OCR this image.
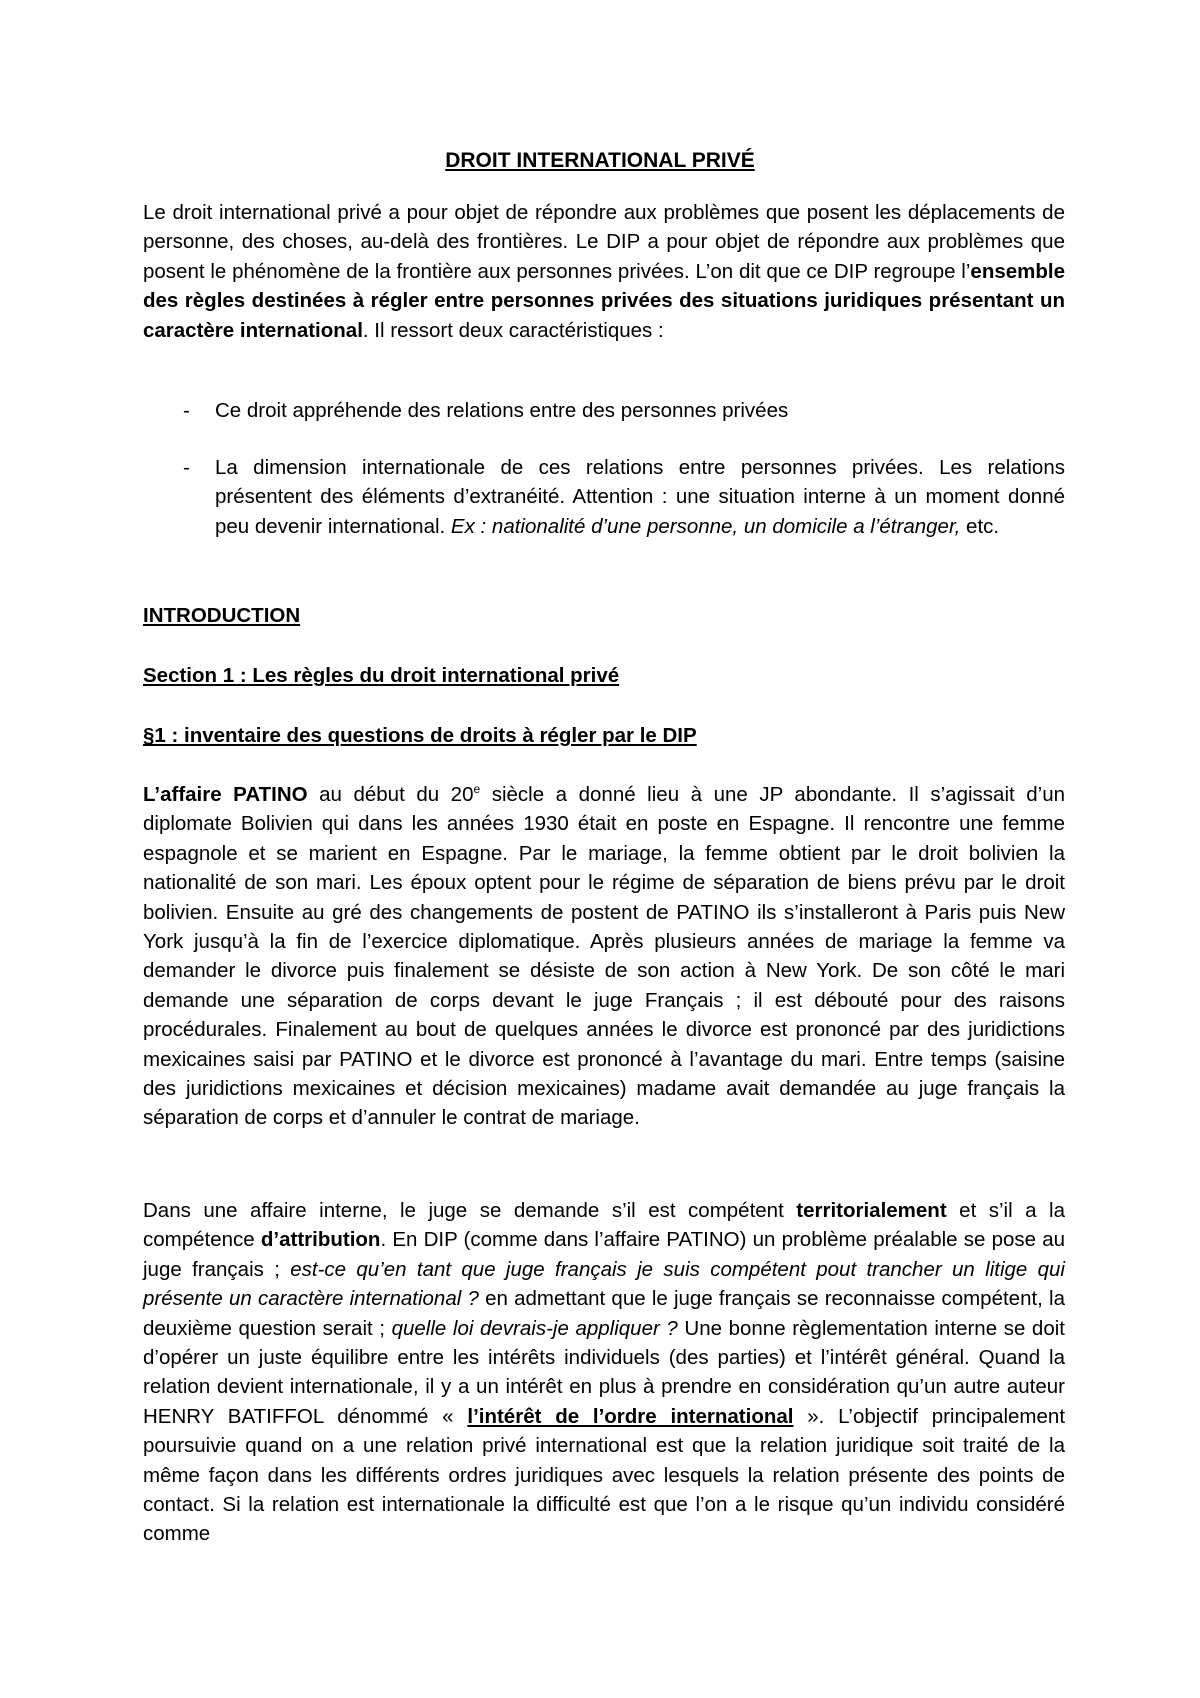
DROIT INTERNATIONAL PRIVÉ
Le droit international privé a pour objet de répondre aux problèmes que posent les déplacements de personne, des choses, au-delà des frontières. Le DIP a pour objet de répondre aux problèmes que posent le phénomène de la frontière aux personnes privées. L’on dit que ce DIP regroupe l’ensemble des règles destinées à régler entre personnes privées des situations juridiques présentant un caractère international. Il ressort deux caractéristiques :
- Ce droit appréhende des relations entre des personnes privées
- La dimension internationale de ces relations entre personnes privées. Les relations présentent des éléments d’extranéité. Attention : une situation interne à un moment donné peu devenir international. Ex : nationalité d’une personne, un domicile a l’étranger, etc.
INTRODUCTION
Section 1 : Les règles du droit international privé
§1 : inventaire des questions de droits à régler par le DIP
L’affaire PATINO au début du 20e siècle a donné lieu à une JP abondante. Il s’agissait d’un diplomate Bolivien qui dans les années 1930 était en poste en Espagne. Il rencontre une femme espagnole et se marient en Espagne. Par le mariage, la femme obtient par le droit bolivien la nationalité de son mari. Les époux optent pour le régime de séparation de biens prévu par le droit bolivien. Ensuite au gré des changements de postent de PATINO ils s’installeront à Paris puis New York jusqu’à la fin de l’exercice diplomatique. Après plusieurs années de mariage la femme va demander le divorce puis finalement se désiste de son action à New York. De son côté le mari demande une séparation de corps devant le juge Français ; il est débouté pour des raisons procédurales. Finalement au bout de quelques années le divorce est prononcé par des juridictions mexicaines saisi par PATINO et le divorce est prononcé à l’avantage du mari. Entre temps (saisine des juridictions mexicaines et décision mexicaines) madame avait demandée au juge français la séparation de corps et d’annuler le contrat de mariage.
Dans une affaire interne, le juge se demande s’il est compétent territorialement et s’il a la compétence d’attribution. En DIP (comme dans l’affaire PATINO) un problème préalable se pose au juge français ; est-ce qu’en tant que juge français je suis compétent pout trancher un litige qui présente un caractère international ? en admettant que le juge français se reconnaisse compétent, la deuxième question serait ; quelle loi devrais-je appliquer ? Une bonne règlementation interne se doit d’opérer un juste équilibre entre les intérêts individuels (des parties) et l’intérêt général. Quand la relation devient internationale, il y a un intérêt en plus à prendre en considération qu’un autre auteur HENRY BATIFFOL dénommé « l’intérêt de l’ordre international ». L’objectif principalement poursuivie quand on a une relation privé international est que la relation juridique soit traité de la même façon dans les différents ordres juridiques avec lesquels la relation présente des points de contact. Si la relation est internationale la difficulté est que l’on a le risque qu’un individu considéré comme
